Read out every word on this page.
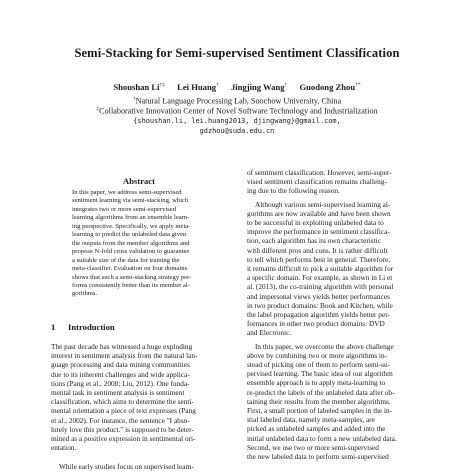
Semi-Stacking for Semi-supervised Sentiment Classification
Shoushan Li†‡ Lei Huang† Jingjing Wang† Guodong Zhou†*
†Natural Language Processing Lab, Soochow University, China
‡Collaborative Innovation Center of Novel Software Technology and Industrialization
{shoushan.li, lei.huang2013, djingwang}@gmail.com,
gdzhou@suda.edu.cn
Abstract
In this paper, we address semi-supervised
sentiment learning via semi-stacking, which
integrates two or more semi-supervised
learning algorithms from an ensemble learn-
ing perspective. Specifically, we apply meta-
learning to predict the unlabeled data given
the outputs from the member algorithms and
propose N-fold cross validation to guarantee
a suitable size of the data for training the
meta-classifier. Evaluation on four domains
shows that such a semi-stacking strategy per-
forms consistently better than its member al-
gorithms.
1 Introduction
The past decade has witnessed a huge exploding
interest in sentiment analysis from the natural lan-
guage processing and data mining communities
due to its inherent challenges and wide applica-
tions (Pang et al., 2008; Liu, 2012). One funda-
mental task in sentiment analysis is sentiment
classification, which aims to determine the senti-
mental orientation a piece of text expresses (Pang
et al., 2002). For instance, the sentence "I abso-
lutely love this product." is supposed to be deter-
mined as a positive expression in sentimental ori-
entation.
While early studies focus on supervised learn-
of sentiment classification. However, semi-super-
vised sentiment classification remains challeng-
ing due to the following reason.
Although various semi-supervised learning al-
gorithms are now available and have been shown
to be successful in exploiting unlabeled data to
improve the performance in sentiment classifica-
tion, each algorithm has its own characteristic
with different pros and cons. It is rather difficult
to tell which performs best in general. Therefore,
it remains difficult to pick a suitable algorithm for
a specific domain. For example, as shown in Li et
al. (2013), the co-training algorithm with personal
and impersonal views yields better performances
in two product domains: Book and Kitchen, while
the label propagation algorithm yields better per-
formances in other two product domains: DVD
and Electronic.
In this paper, we overcome the above challenge
above by combining two or more algorithms in-
stead of picking one of them to perform semi-su-
pervised learning. The basic idea of our algorithm
ensemble approach is to apply meta-learning to
re-predict the labels of the unlabeled data after ob-
taining their results from the member algorithms.
First, a small portion of labeled samples in the in-
itial labeled data, namely meta-samples, are
picked as unlabeled samples and added into the
initial unlabeled data to form a new unlabeled data.
Second, we use two or more semi-supervised
the new labeled data to perform semi-supervised
